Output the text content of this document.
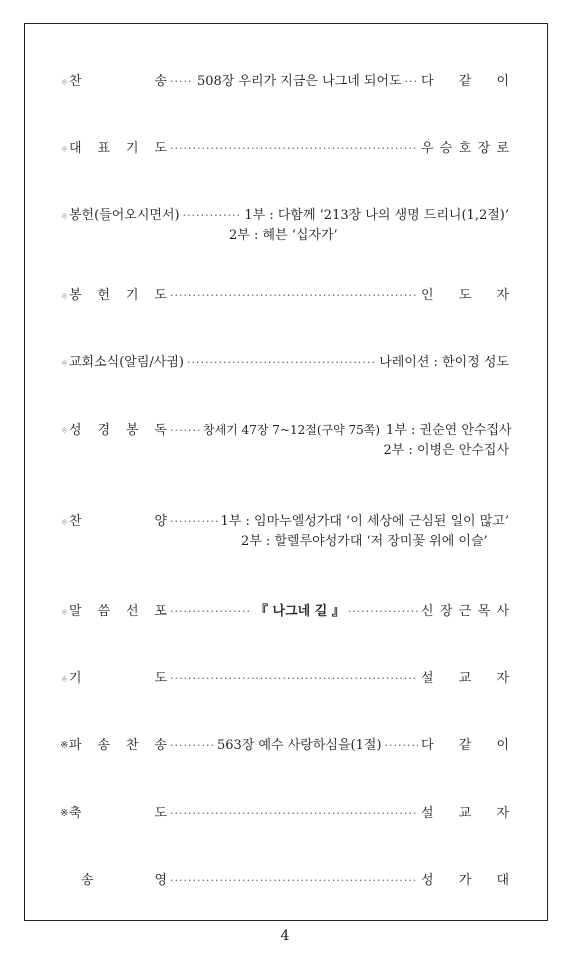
※ 찬	송 ····· 508장 우리가 지금은 나그네 되어도 ····· 다 같 이
※ 대 표 기 도 ·····	우 승 호 장 로
※ 봉헌(들어오시면서) ·····	1부 : 다함께 ‘213장 나의 생명 드리니(1,2절)’
2부 : 혜븐 ‘십자가’
※ 봉 헌 기 도 ·····	인 도 자
※ 교회소식(알림/사귐) ·····	나레이션 : 한이정 성도
※ 성 경 봉 독 ·····	창세기 47장 7~12절(구약 75쪽) 1부 : 권순연 안수집사
2부 : 이병은 안수집사
※ 찬	양 ·····	1부 : 임마누엘성가대 ‘이 세상에 근심된 일이 많고’
2부 : 할렐루야성가대 ‘저 장미꽃 위에 이슬’
※ 말 씀 선 포 ·····	『 나그네 길 』 ·····	신 장 근 목 사
※ 기	도 ·····	설 교 자
※ 파 송 찬 송 ·····	563장 예수 사랑하심을(1절) ·····	다 같 이
※ 축	도 ·····	설 교 자
송	영 ·····	성 가 대
4
